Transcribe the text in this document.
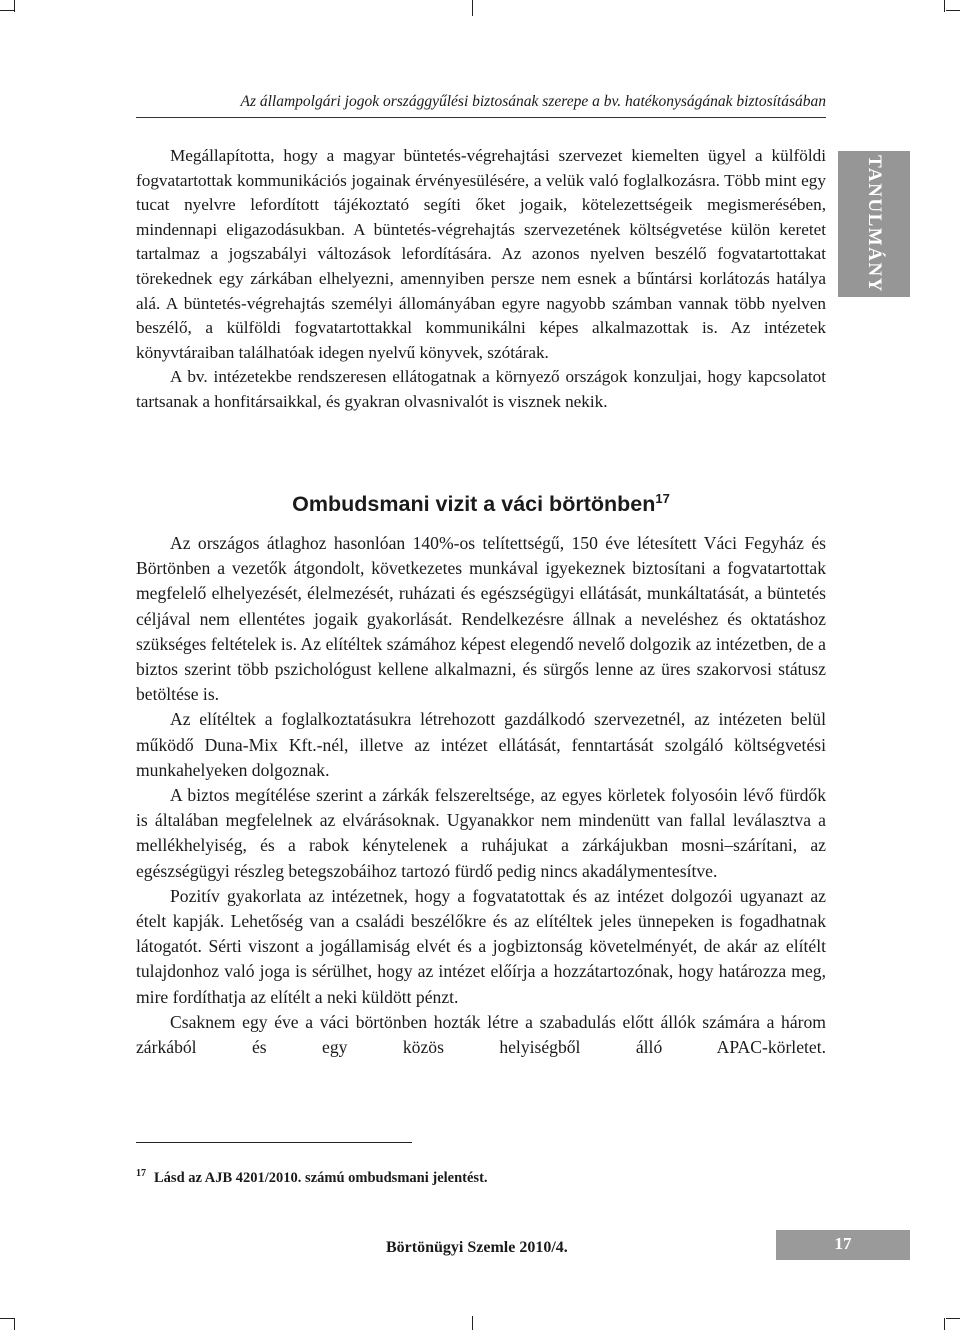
Az állampolgári jogok országgyűlési biztosának szerepe a bv. hatékonyságának biztosításában
TANULMÁNY

Megállapította, hogy a magyar büntetés-végrehajtási szervezet kiemelten ügyel a külföldi fogvatartottak kommunikációs jogainak érvényesülésére, a velük való foglalkozásra. Több mint egy tucat nyelvre lefordított tájékoztató segíti őket jogaik, kötelezettségeik megismerésében, mindennapi eligazodásukban. A büntetés-végrehajtás szervezetének költségvetése külön keretet tartalmaz a jogszabályi változások lefordítására. Az azonos nyelven beszélő fogvatartottakat törekednek egy zárkában elhelyezni, amennyiben persze nem esnek a bűntársi korlátozás hatálya alá. A büntetés-végrehajtás személyi állományában egyre nagyobb számban vannak több nyelven beszélő, a külföldi fogvatartottakkal kommunikálni képes alkalmazottak is. Az intézetek könyvtáraiban találhatóak idegen nyelvű könyvek, szótárak.

A bv. intézetekbe rendszeresen ellátogatnak a környező országok konzuljai, hogy kapcsolatot tartsanak a honfitársaikkal, és gyakran olvasnivalót is visznek nekik.

Ombudsmani vizit a váci börtönben$^{17}$

Az országos átlaghoz hasonlóan 140%-os telítettségű, 150 éve létesített Váci Fegyház és Börtönben a vezetők átgondolt, következetes munkával igyekeznek biztosítani a fogvatartottak megfelelő elhelyezését, élelmezését, ruházati és egészségügyi ellátását, munkáltatását, a büntetés céljával nem ellentétes jogaik gyakorlását. Rendelkezésre állnak a neveléshez és oktatáshoz szükséges feltételek is. Az elítéltek számához képest elegendő nevelő dolgozik az intézetben, de a biztos szerint több pszichológust kellene alkalmazni, és sürgős lenne az üres szakorvosi státusz betöltése is.

Az elítéltek a foglalkoztatásukra létrehozott gazdálkodó szervezetnél, az intézeten belül működő Duna-Mix Kft.-nél, illetve az intézet ellátását, fenntartását szolgáló költségvetési munkahelyeken dolgoznak.

A biztos megítélése szerint a zárkák felszereltsége, az egyes körletek folyosóin lévő fürdők is általában megfelelnek az elvárásoknak. Ugyanakkor nem mindenütt van fallal leválasztva a mellékhelyiség, és a rabok kénytelenek a ruhájukat a zárkájukban mosni–szárítani, az egészségügyi részleg betegszobáihoz tartozó fürdő pedig nincs akadálymentesítve.

Pozitív gyakorlata az intézetnek, hogy a fogvatatottak és az intézet dolgozói ugyanazt az ételt kapják. Lehetőség van a családi beszélőkre és az elítéltek jeles ünnepeken is fogadhatnak látogatót. Sérti viszont a jogállamiság elvét és a jogbiztonság követelményét, de akár az elítélt tulajdonhoz való joga is sérülhet, hogy az intézet előírja a hozzátartozónak, hogy határozza meg, mire fordíthatja az elítélt a neki küldött pénzt.

Csaknem egy éve a váci börtönben hozták létre a szabadulás előtt állók számára a három zárkából és egy közös helyiségből álló APAC-körletet.

$^{17}$ Lásd az AJB 4201/2010. számú ombudsmani jelentést.
Börtönügyi Szemle 2010/4.	17
